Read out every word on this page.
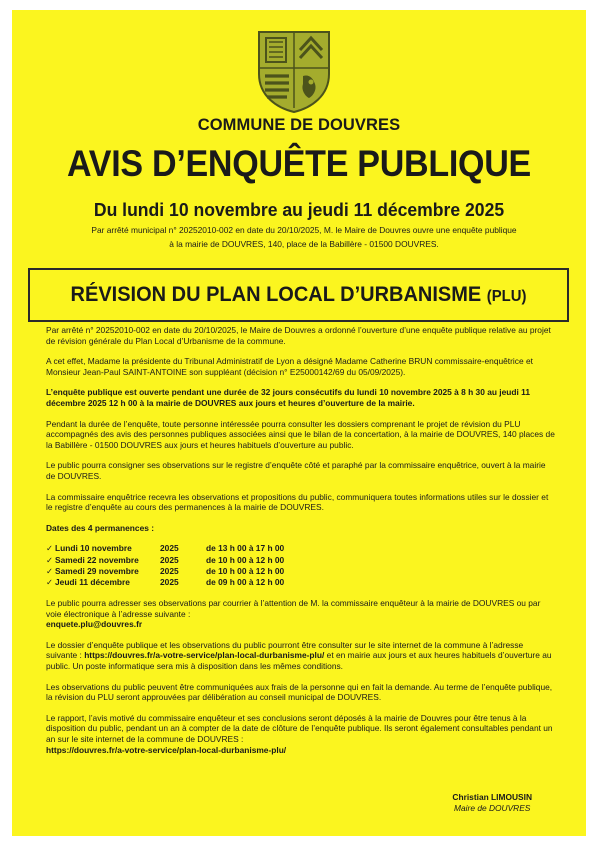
COMMUNE DE DOUVRES
AVIS D’ENQUÊTE PUBLIQUE
Du lundi 10 novembre au jeudi 11 décembre 2025
Par arrêté municipal n° 20252010-002 en date du 20/10/2025, M. le Maire de Douvres ouvre une enquête publique
à la mairie de DOUVRES, 140, place de la Babillère - 01500 DOUVRES.
RÉVISION DU PLAN LOCAL D’URBANISME (PLU)

Par arrêté n° 20252010-002 en date du 20/10/2025, le Maire de Douvres a ordonné l’ouverture d’une enquête publique relative au projet de révision générale du Plan Local d’Urbanisme de la commune.

A cet effet, Madame la présidente du Tribunal Administratif de Lyon a désigné Madame Catherine BRUN commissaire-enquêtrice et Monsieur Jean-Paul SAINT-ANTOINE son suppléant (décision n° E25000142/69 du 05/09/2025).

L’enquête publique est ouverte pendant une durée de 32 jours consécutifs du lundi 10 novembre 2025 à 8 h 30 au jeudi 11 décembre 2025 12 h 00 à la mairie de DOUVRES aux jours et heures d’ouverture de la mairie.

Pendant la durée de l’enquête, toute personne intéressée pourra consulter les dossiers comprenant le projet de révision du PLU accompagnés des avis des personnes publiques associées ainsi que le bilan de la concertation, à la mairie de DOUVRES, 140 places de la Babillère - 01500 DOUVRES aux jours et heures habituels d’ouverture au public.

Le public pourra consigner ses observations sur le registre d’enquête côté et paraphé par la commissaire enquêtrice, ouvert à la mairie de DOUVRES.

La commissaire enquêtrice recevra les observations et propositions du public, communiquera toutes informations utiles sur le dossier et le registre d’enquête au cours des permanences à la mairie de DOUVRES.

Dates des 4 permanences :
✓ Lundi 10 novembre	2025	de 13 h 00 à 17 h 00
✓ Samedi 22 novembre	2025	de 10 h 00 à 12 h 00
✓ Samedi 29 novembre	2025	de 10 h 00 à 12 h 00
✓ Jeudi 11 décembre	2025	de 09 h 00 à 12 h 00

Le public pourra adresser ses observations par courrier à l’attention de M. la commissaire enquêteur à la mairie de DOUVRES ou par voie électronique à l’adresse suivante :
enquete.plu@douvres.fr

Le dossier d’enquête publique et les observations du public pourront être consulter sur le site internet de la commune à l’adresse suivante : https://douvres.fr/a-votre-service/plan-local-durbanisme-plu/ et en mairie aux jours et aux heures habituels d’ouverture au public. Un poste informatique sera mis à disposition dans les mêmes conditions.

Les observations du public peuvent être communiquées aux frais de la personne qui en fait la demande. Au terme de l’enquête publique, la révision du PLU seront approuvées par délibération au conseil municipal de DOUVRES.

Le rapport, l’avis motivé du commissaire enquêteur et ses conclusions seront déposés à la mairie de Douvres pour être tenus à la disposition du public, pendant un an à compter de la date de clôture de l’enquête publique. Ils seront également consultables pendant un an sur le site internet de la commune de DOUVRES :
https://douvres.fr/a-votre-service/plan-local-durbanisme-plu/

Christian LIMOUSIN
Maire de DOUVRES
